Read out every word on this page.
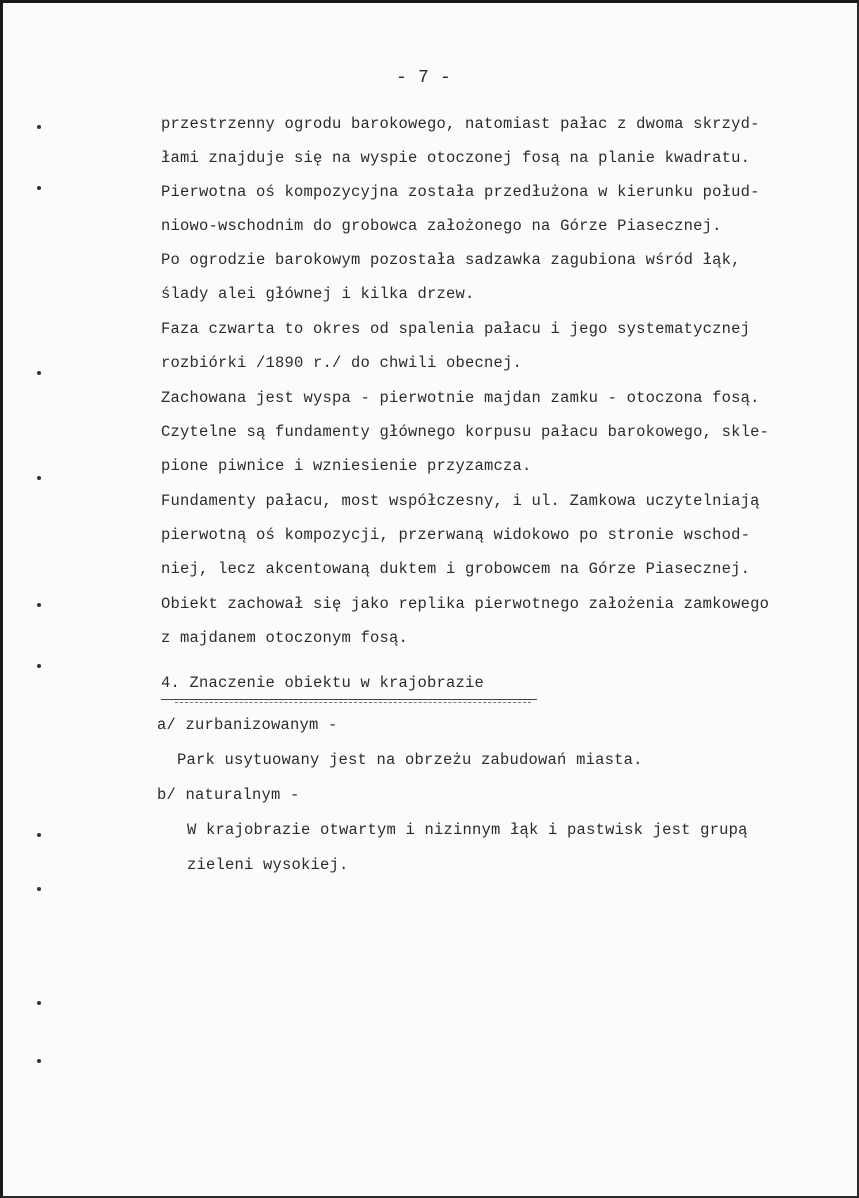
- 7 -
przestrzenny ogrodu barokowego, natomiast pałac z dwoma skrzyd-
łami znajduje się na wyspie otoczonej fosą na planie kwadratu.
Pierwotna oś kompozycyjna została przedłużona w kierunku połud-
niowo-wschodnim do grobowca założonego na Górze Piasecznej.
Po ogrodzie barokowym pozostała sadzawka zagubiona wśród łąk,
ślady alei głównej i kilka drzew.
Faza czwarta to okres od spalenia pałacu i jego systematycznej
rozbiórki /1890 r./ do chwili obecnej.
Zachowana jest wyspa - pierwotnie majdan zamku - otoczona fosą.
Czytelne są fundamenty głównego korpusu pałacu barokowego, skle-
pione piwnice i wzniesienie przyzamcza.
Fundamenty pałacu, most współczesny, i ul. Zamkowa uczytelniają
pierwotną oś kompozycji, przerwaną widokowo po stronie wschod-
niej, lecz akcentowaną duktem i grobowcem na Górze Piasecznej.
Obiekt zachował się jako replika pierwotnego założenia zamkowego
z majdanem otoczonym fosą.
4. Znaczenie obiektu w krajobrazie
a/ zurbanizowanym -
Park usytuowany jest na obrzeżu zabudowań miasta.
b/ naturalnym -
W krajobrazie otwartym i nizinnym łąk i pastwisk jest grupą
zieleni wysokiej.
